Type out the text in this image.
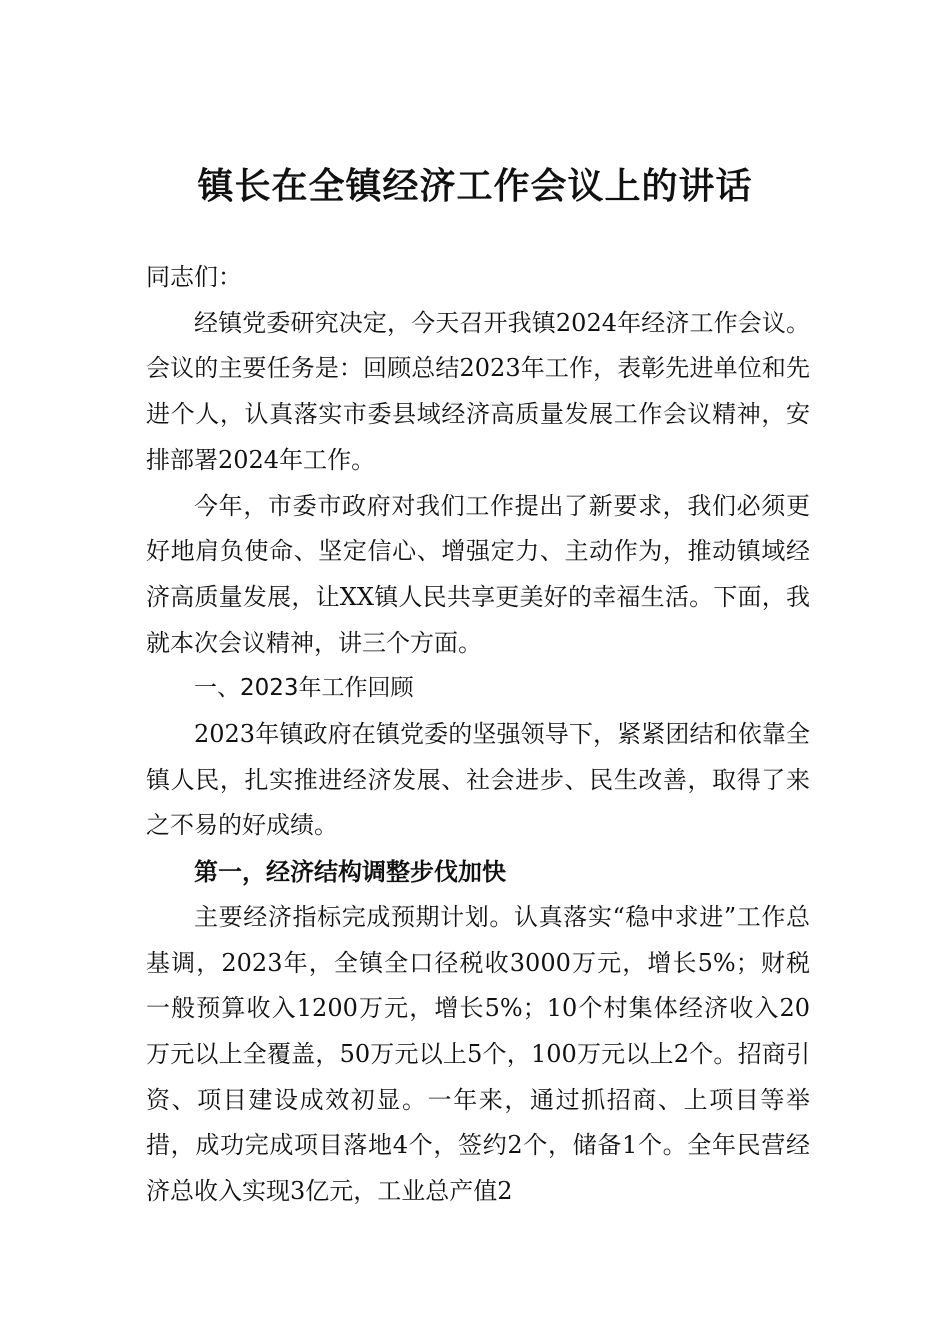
镇长在全镇经济工作会议上的讲话

同志们：

经镇党委研究决定，今天召开我镇2024年经济工作会议。会议的主要任务是：回顾总结2023年工作，表彰先进单位和先进个人，认真落实市委县域经济高质量发展工作会议精神，安排部署2024年工作。

今年，市委市政府对我们工作提出了新要求，我们必须更好地肩负使命、坚定信心、增强定力、主动作为，推动镇域经济高质量发展，让XX镇人民共享更美好的幸福生活。下面，我就本次会议精神，讲三个方面。

一、2023年工作回顾

2023年镇政府在镇党委的坚强领导下，紧紧团结和依靠全镇人民，扎实推进经济发展、社会进步、民生改善，取得了来之不易的好成绩。

第一，经济结构调整步伐加快

主要经济指标完成预期计划。认真落实“稳中求进”工作总基调，2023年，全镇全口径税收3000万元，增长5%；财税一般预算收入1200万元，增长5%；10个村集体经济收入20万元以上全覆盖，50万元以上5个，100万元以上2个。招商引资、项目建设成效初显。一年来，通过抓招商、上项目等举措，成功完成项目落地4个，签约2个，储备1个。全年民营经济总收入实现3亿元，工业总产值2
